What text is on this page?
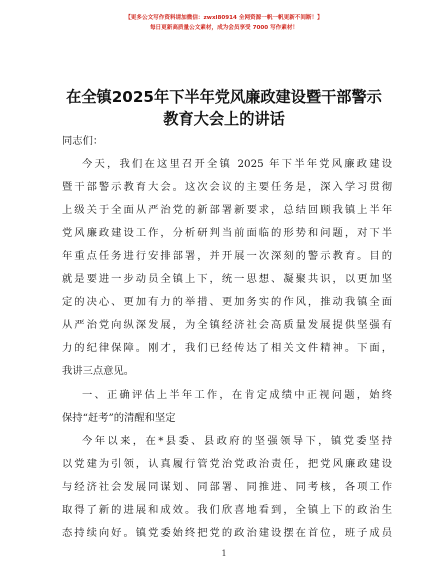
【更多公文写作资料请加微信：zwxl80914 全网资源一帆一帆更新不间断！】
每日更新高质量公文素材，成为会员享受 7000 写作素材！
在全镇2025年下半年党风廉政建设暨干部警示
教育大会上的讲话
同志们：
今天，我们在这里召开全镇 2025 年下半年党风廉政建设
暨干部警示教育大会。这次会议的主要任务是，深入学习贯彻
上级关于全面从严治党的新部署新要求，总结回顾我镇上半年
党风廉政建设工作，分析研判当前面临的形势和问题，对下半
年重点任务进行安排部署，并开展一次深刻的警示教育。目的
就是要进一步动员全镇上下，统一思想、凝聚共识，以更加坚
定的决心、更加有力的举措、更加务实的作风，推动我镇全面
从严治党向纵深发展，为全镇经济社会高质量发展提供坚强有
力的纪律保障。刚才，我们已经传达了相关文件精神。下面，
我讲三点意见。
一、正确评估上半年工作，在肯定成绩中正视问题，始终
保持“赶考”的清醒和坚定
今年以来，在*县委、县政府的坚强领导下，镇党委坚持
以党建为引领，认真履行管党治党政治责任，把党风廉政建设
与经济社会发展同谋划、同部署、同推进、同考核，各项工作
取得了新的进展和成效。我们欣喜地看到，全镇上下的政治生
态持续向好。镇党委始终把党的政治建设摆在首位，班子成员
1
